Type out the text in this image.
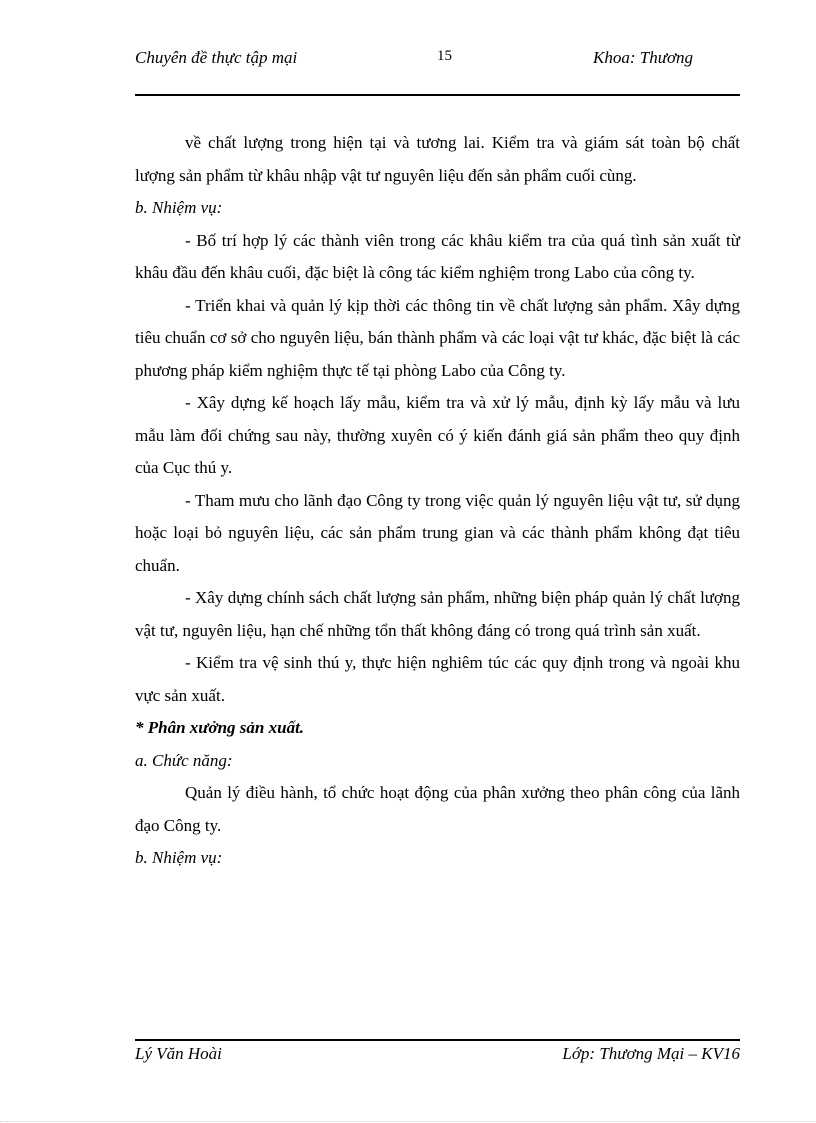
Chuyên đề thực tập mại	15	Khoa: Thương

về chất lượng trong hiện tại và tương lai. Kiểm tra và giám sát toàn bộ chất lượng sản phẩm từ khâu nhập vật tư nguyên liệu đến sản phẩm cuối cùng.

b. Nhiệm vụ:

- Bố trí hợp lý các thành viên trong các khâu kiểm tra của quá tình sản xuất từ khâu đầu đến khâu cuối, đặc biệt là công tác kiểm nghiệm trong Labo của công ty.

- Triển khai và quản lý kịp thời các thông tin về chất lượng sản phẩm. Xây dựng tiêu chuẩn cơ sở cho nguyên liệu, bán thành phẩm và các loại vật tư khác, đặc biệt là các phương pháp kiểm nghiệm thực tế tại phòng Labo của Công ty.

- Xây dựng kế hoạch lấy mẫu, kiểm tra và xử lý mẫu, định kỳ lấy mẫu và lưu mẫu làm đối chứng sau này, thường xuyên có ý kiến đánh giá sản phẩm theo quy định của Cục thú y.

- Tham mưu cho lãnh đạo Công ty trong việc quản lý nguyên liệu vật tư, sử dụng hoặc loại bỏ nguyên liệu, các sản phẩm trung gian và các thành phẩm không đạt tiêu chuẩn.

- Xây dựng chính sách chất lượng sản phẩm, những biện pháp quản lý chất lượng vật tư, nguyên liệu, hạn chế những tổn thất không đáng có trong quá trình sản xuất.

- Kiểm tra vệ sinh thú y, thực hiện nghiêm túc các quy định trong và ngoài khu vực sản xuất.

* Phân xưởng sản xuất.

a. Chức năng:

Quản lý điều hành, tổ chức hoạt động của phân xưởng theo phân công của lãnh đạo Công ty.

b. Nhiệm vụ:

Lý Văn Hoài	Lớp: Thương Mại – KV16
